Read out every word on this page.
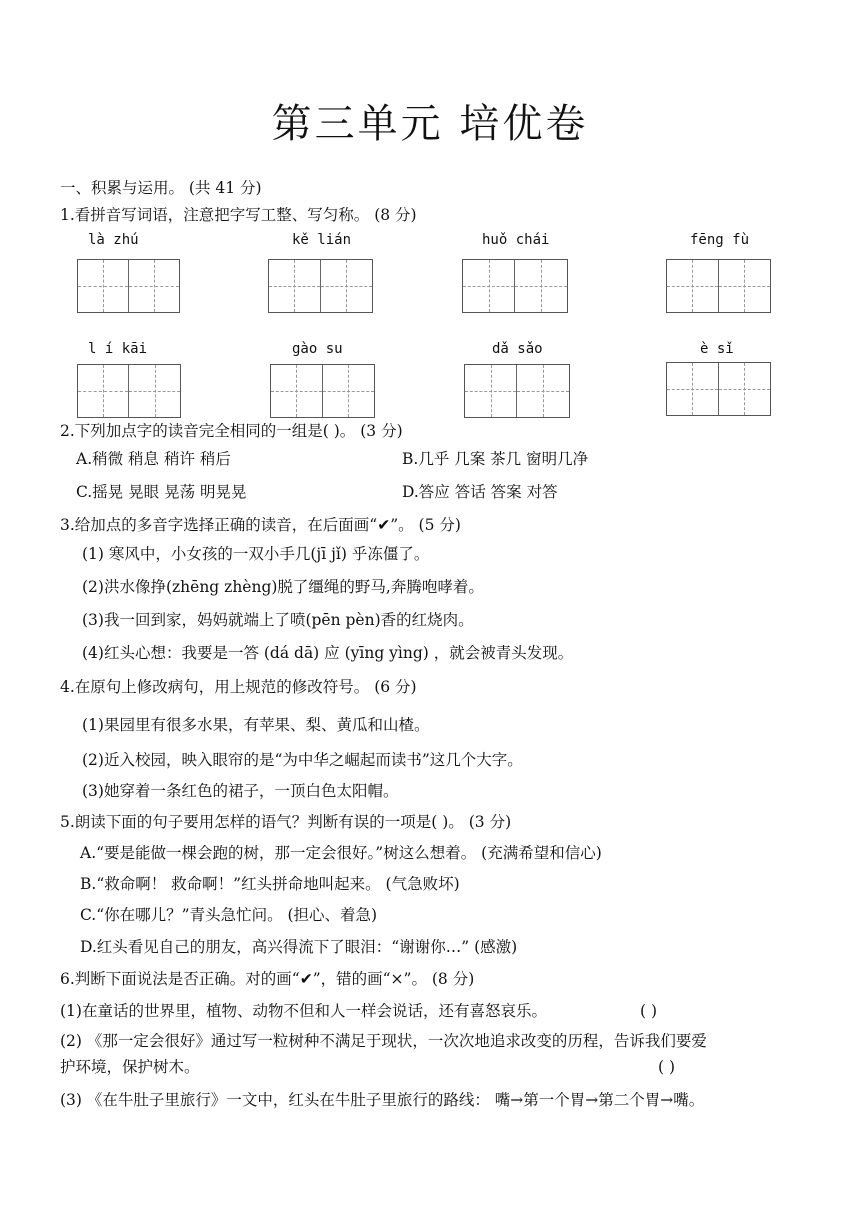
第三单元 培优卷
一、积累与运用。 (共 41 分)
1.看拼音写词语，注意把字写工整、写匀称。 (8 分)
là zhú	kě lián	huǒ chái	fēng fù
l í kāi	gào su	dǎ sǎo	è sǐ
2.下列加点字的读音完全相同的一组是( )。 (3 分)
A.稍微 稍息 稍许 稍后	B.几乎 几案 茶几 窗明几净
C.摇晃 晃眼 晃荡 明晃晃	D.答应 答话 答案 对答
3.给加点的多音字选择正确的读音，在后面画“✔”。 (5 分)
(1) 寒风中，小女孩的一双小手几(jī jǐ) 乎冻僵了。
(2)洪水像挣(zhēng zhèng)脱了缰绳的野马,奔腾咆哮着。
(3)我一回到家，妈妈就端上了喷(pēn pèn)香的红烧肉。
(4)红头心想：我要是一答 (dá dā) 应 (yīng yìng) ，就会被青头发现。
4.在原句上修改病句，用上规范的修改符号。 (6 分)
(1)果园里有很多水果，有苹果、梨、黄瓜和山楂。
(2)近入校园，映入眼帘的是“为中华之崛起而读书”这几个大字。
(3)她穿着一条红色的裙子，一顶白色太阳帽。
5.朗读下面的句子要用怎样的语气？判断有误的一项是( )。 (3 分)
A.“要是能做一棵会跑的树，那一定会很好。”树这么想着。 (充满希望和信心)
B.“救命啊！ 救命啊！”红头拼命地叫起来。 (气急败坏)
C.“你在哪儿？”青头急忙问。 (担心、着急)
D.红头看见自己的朋友，高兴得流下了眼泪：“谢谢你…” (感激)
6.判断下面说法是否正确。对的画“✔”，错的画“×”。 (8 分)
(1)在童话的世界里，植物、动物不但和人一样会说话，还有喜怒哀乐。	( )
(2) 《那一定会很好》通过写一粒树种不满足于现状，一次次地追求改变的历程，告诉我们要爱
护环境，保护树木。	( )
(3) 《在牛肚子里旅行》一文中，红头在牛肚子里旅行的路线： 嘴→第一个胃→第二个胃→嘴。
